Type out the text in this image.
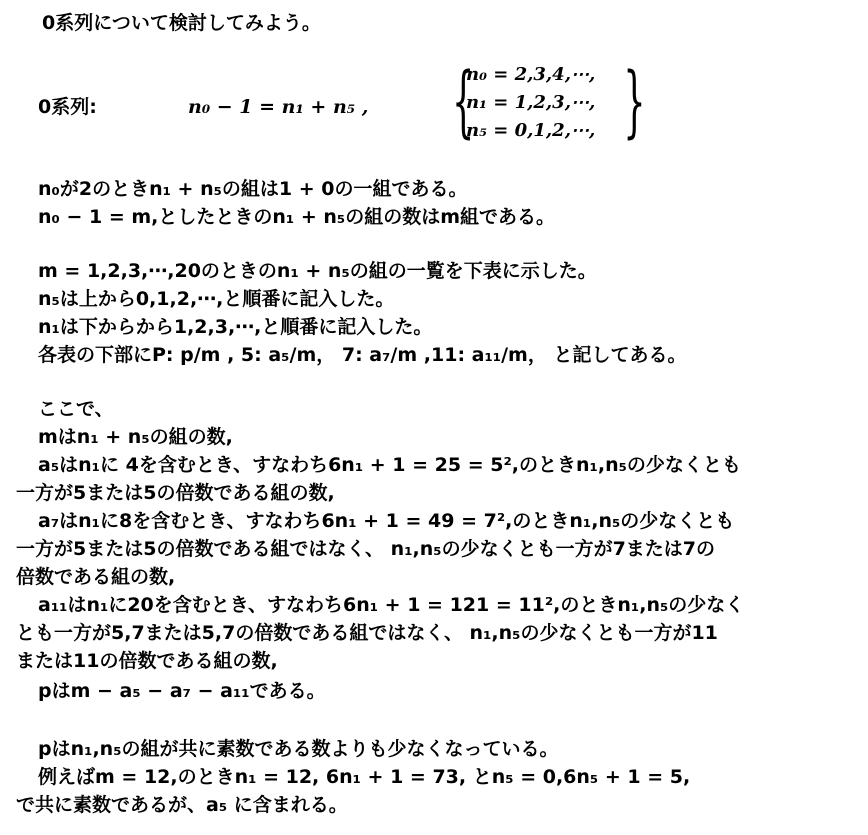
0系列について検討してみよう。
0系列:	n₀ − 1 = n₁ + n₅ , {
n₀ = 2,3,4,⋯,
n₁ = 1,2,3,⋯,
n₅ = 0,1,2,⋯, }
n₀が2のときn₁ + n₅の組は1 + 0の一組である。
n₀ − 1 = m,としたときのn₁ + n₅の組の数はm組である。
m = 1,2,3,⋯,20のときのn₁ + n₅の組の一覧を下表に示した。
n₅は上から0,1,2,⋯,と順番に記入した。
n₁は下からから1,2,3,⋯,と順番に記入した。
各表の下部にP: p/m , 5: a₅/m， 7: a₇/m ,11: a₁₁/m， と記してある。
ここで、
mはn₁ + n₅の組の数,
a₅はn₁に 4を含むとき、すなわち6n₁ + 1 = 25 = 5²,のときn₁,n₅の少なくとも
一方が5または5の倍数である組の数,
a₇はn₁に8を含むとき、すなわち6n₁ + 1 = 49 = 7²,のときn₁,n₅の少なくとも
一方が5または5の倍数である組ではなく、 n₁,n₅の少なくとも一方が7または7の
倍数である組の数,
a₁₁はn₁に20を含むとき、すなわち6n₁ + 1 = 121 = 11²,のときn₁,n₅の少なく
とも一方が5,7または5,7の倍数である組ではなく、 n₁,n₅の少なくとも一方が11
または11の倍数である組の数,
pはm − a₅ − a₇ − a₁₁である。
pはn₁,n₅の組が共に素数である数よりも少なくなっている。
例えばm = 12,のときn₁ = 12, 6n₁ + 1 = 73, とn₅ = 0,6n₅ + 1 = 5,
で共に素数であるが、a₅ に含まれる。
